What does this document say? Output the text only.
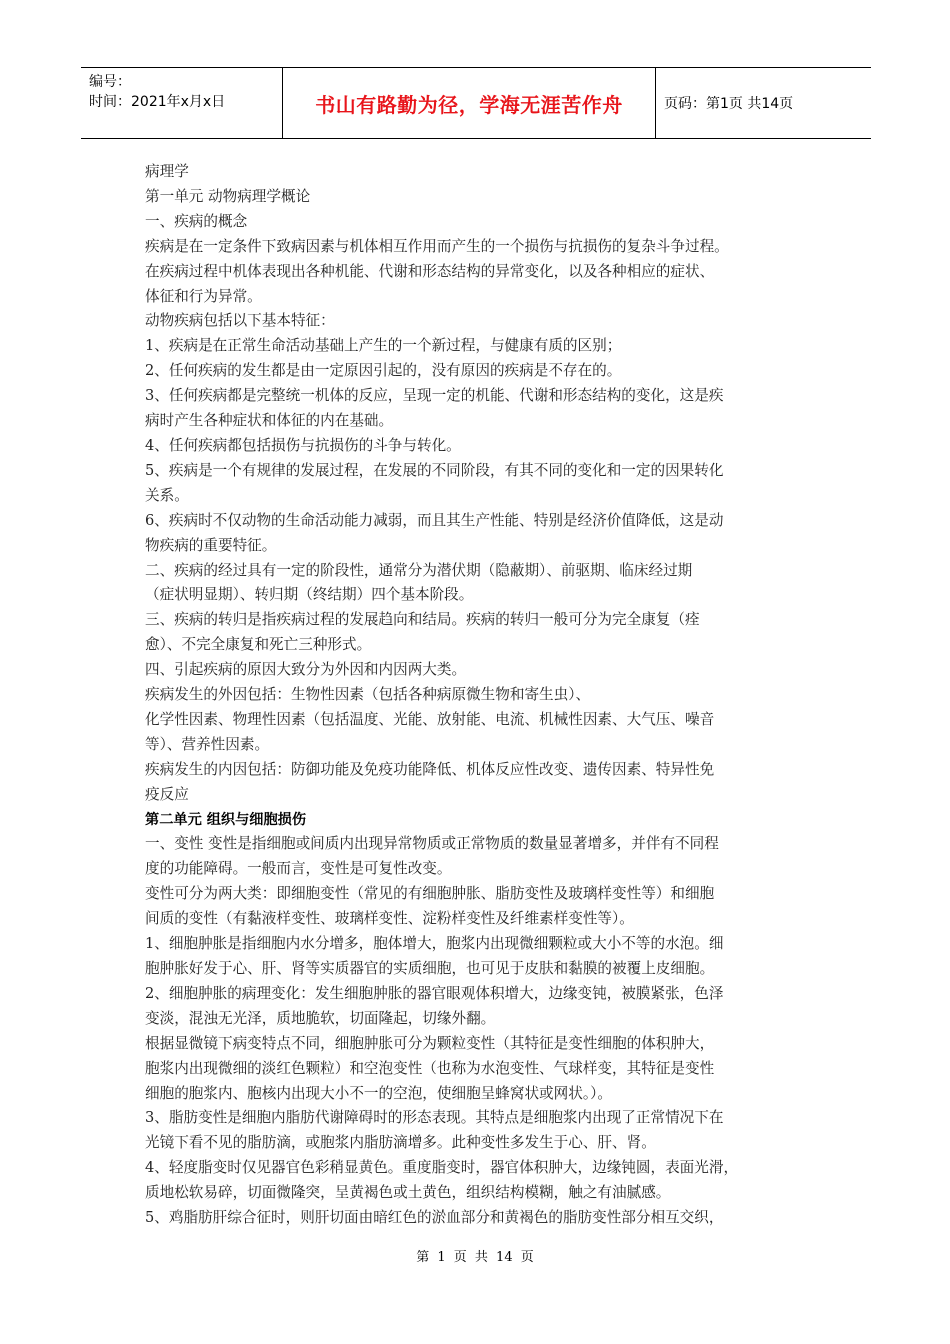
编号：
时间：2021年x月x日	书山有路勤为径，学海无涯苦作舟	页码：第1页 共14页

病理学

第一单元 动物病理学概论

一、疾病的概念

疾病是在一定条件下致病因素与机体相互作用而产生的一个损伤与抗损伤的复杂斗争过程。

在疾病过程中机体表现出各种机能、代谢和形态结构的异常变化，以及各种相应的症状、

体征和行为异常。

动物疾病包括以下基本特征：

1、疾病是在正常生命活动基础上产生的一个新过程，与健康有质的区别；

2、任何疾病的发生都是由一定原因引起的，没有原因的疾病是不存在的。

3、任何疾病都是完整统一机体的反应，呈现一定的机能、代谢和形态结构的变化，这是疾

病时产生各种症状和体征的内在基础。

4、任何疾病都包括损伤与抗损伤的斗争与转化。

5、疾病是一个有规律的发展过程，在发展的不同阶段，有其不同的变化和一定的因果转化

关系。

6、疾病时不仅动物的生命活动能力减弱，而且其生产性能、特别是经济价值降低，这是动

物疾病的重要特征。

二、疾病的经过具有一定的阶段性，通常分为潜伏期（隐蔽期）、前驱期、临床经过期

（症状明显期）、转归期（终结期）四个基本阶段。

三、疾病的转归是指疾病过程的发展趋向和结局。疾病的转归一般可分为完全康复（痊

愈）、不完全康复和死亡三种形式。

四、引起疾病的原因大致分为外因和内因两大类。

疾病发生的外因包括：生物性因素（包括各种病原微生物和寄生虫）、

化学性因素、物理性因素（包括温度、光能、放射能、电流、机械性因素、大气压、噪音

等）、营养性因素。

疾病发生的内因包括：防御功能及免疫功能降低、机体反应性改变、遗传因素、特异性免

疫反应

第二单元 组织与细胞损伤

一、变性 变性是指细胞或间质内出现异常物质或正常物质的数量显著增多，并伴有不同程

度的功能障碍。一般而言，变性是可复性改变。

变性可分为两大类：即细胞变性（常见的有细胞肿胀、脂肪变性及玻璃样变性等）和细胞

间质的变性（有黏液样变性、玻璃样变性、淀粉样变性及纤维素样变性等）。

1、细胞肿胀是指细胞内水分增多，胞体增大，胞浆内出现微细颗粒或大小不等的水泡。细

胞肿胀好发于心、肝、肾等实质器官的实质细胞，也可见于皮肤和黏膜的被覆上皮细胞。

2、细胞肿胀的病理变化：发生细胞肿胀的器官眼观体积增大，边缘变钝，被膜紧张，色泽

变淡，混浊无光泽，质地脆软，切面隆起，切缘外翻。

根据显微镜下病变特点不同，细胞肿胀可分为颗粒变性（其特征是变性细胞的体积肿大，

胞浆内出现微细的淡红色颗粒）和空泡变性（也称为水泡变性、气球样变，其特征是变性

细胞的胞浆内、胞核内出现大小不一的空泡，使细胞呈蜂窝状或网状。）。

3、脂肪变性是细胞内脂肪代谢障碍时的形态表现。其特点是细胞浆内出现了正常情况下在

光镜下看不见的脂肪滴，或胞浆内脂肪滴增多。此种变性多发生于心、肝、肾。

4、轻度脂变时仅见器官色彩稍显黄色。重度脂变时，器官体积肿大，边缘钝圆，表面光滑，

质地松软易碎，切面微隆突，呈黄褐色或土黄色，组织结构模糊，触之有油腻感。

5、鸡脂肪肝综合征时，则肝切面由暗红色的淤血部分和黄褐色的脂肪变性部分相互交织，

第 1 页 共 14 页
